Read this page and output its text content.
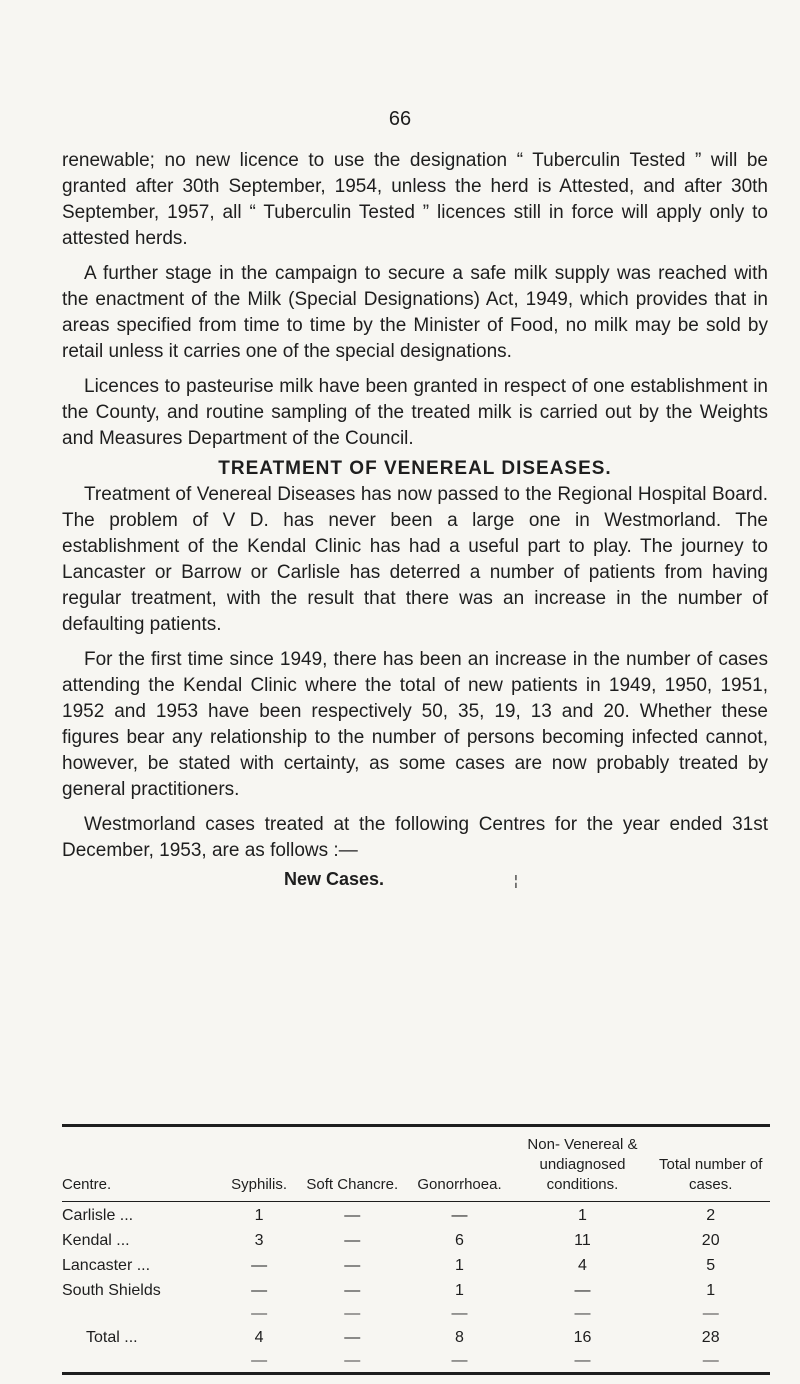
66

renewable; no new licence to use the designation “ Tuberculin Tested ” will be granted after 30th September, 1954, unless the herd is Attested, and after 30th September, 1957, all “ Tuberculin Tested ” licences still in force will apply only to attested herds.

A further stage in the campaign to secure a safe milk supply was reached with the enactment of the Milk (Special Designations) Act, 1949, which provides that in areas specified from time to time by the Minister of Food, no milk may be sold by retail unless it carries one of the special designations.

Licences to pasteurise milk have been granted in respect of one establishment in the County, and routine sampling of the treated milk is carried out by the Weights and Measures Department of the Council.

TREATMENT OF VENEREAL DISEASES.

Treatment of Venereal Diseases has now passed to the Regional Hospital Board. The problem of V D. has never been a large one in Westmorland. The establishment of the Kendal Clinic has had a useful part to play. The journey to Lancaster or Barrow or Carlisle has deterred a number of patients from having regular treatment, with the result that there was an increase in the number of defaulting patients.

For the first time since 1949, there has been an increase in the number of cases attending the Kendal Clinic where the total of new patients in 1949, 1950, 1951, 1952 and 1953 have been respectively 50, 35, 19, 13 and 20. Whether these figures bear any relationship to the number of persons becoming infected cannot, however, be stated with certainty, as some cases are now probably treated by general practitioners.

Westmorland cases treated at the following Centres for the year ended 31st December, 1953, are as follows :—

New Cases.	¦
Centre.	Syphilis.	Soft Chancre.	Gonorrhoea.	Non- Venereal & undiagnosed conditions.	Total number of cases.

Carlisle ...	1	—	—	1	2
Kendal ...	3	—	6	11	20
Lancaster ...	—	—	1	4	5
South Shields	—	—	1	—	1
	—	—	—	—	—
Total ...	4	—	8	16	28
	—	—	—	—	—
